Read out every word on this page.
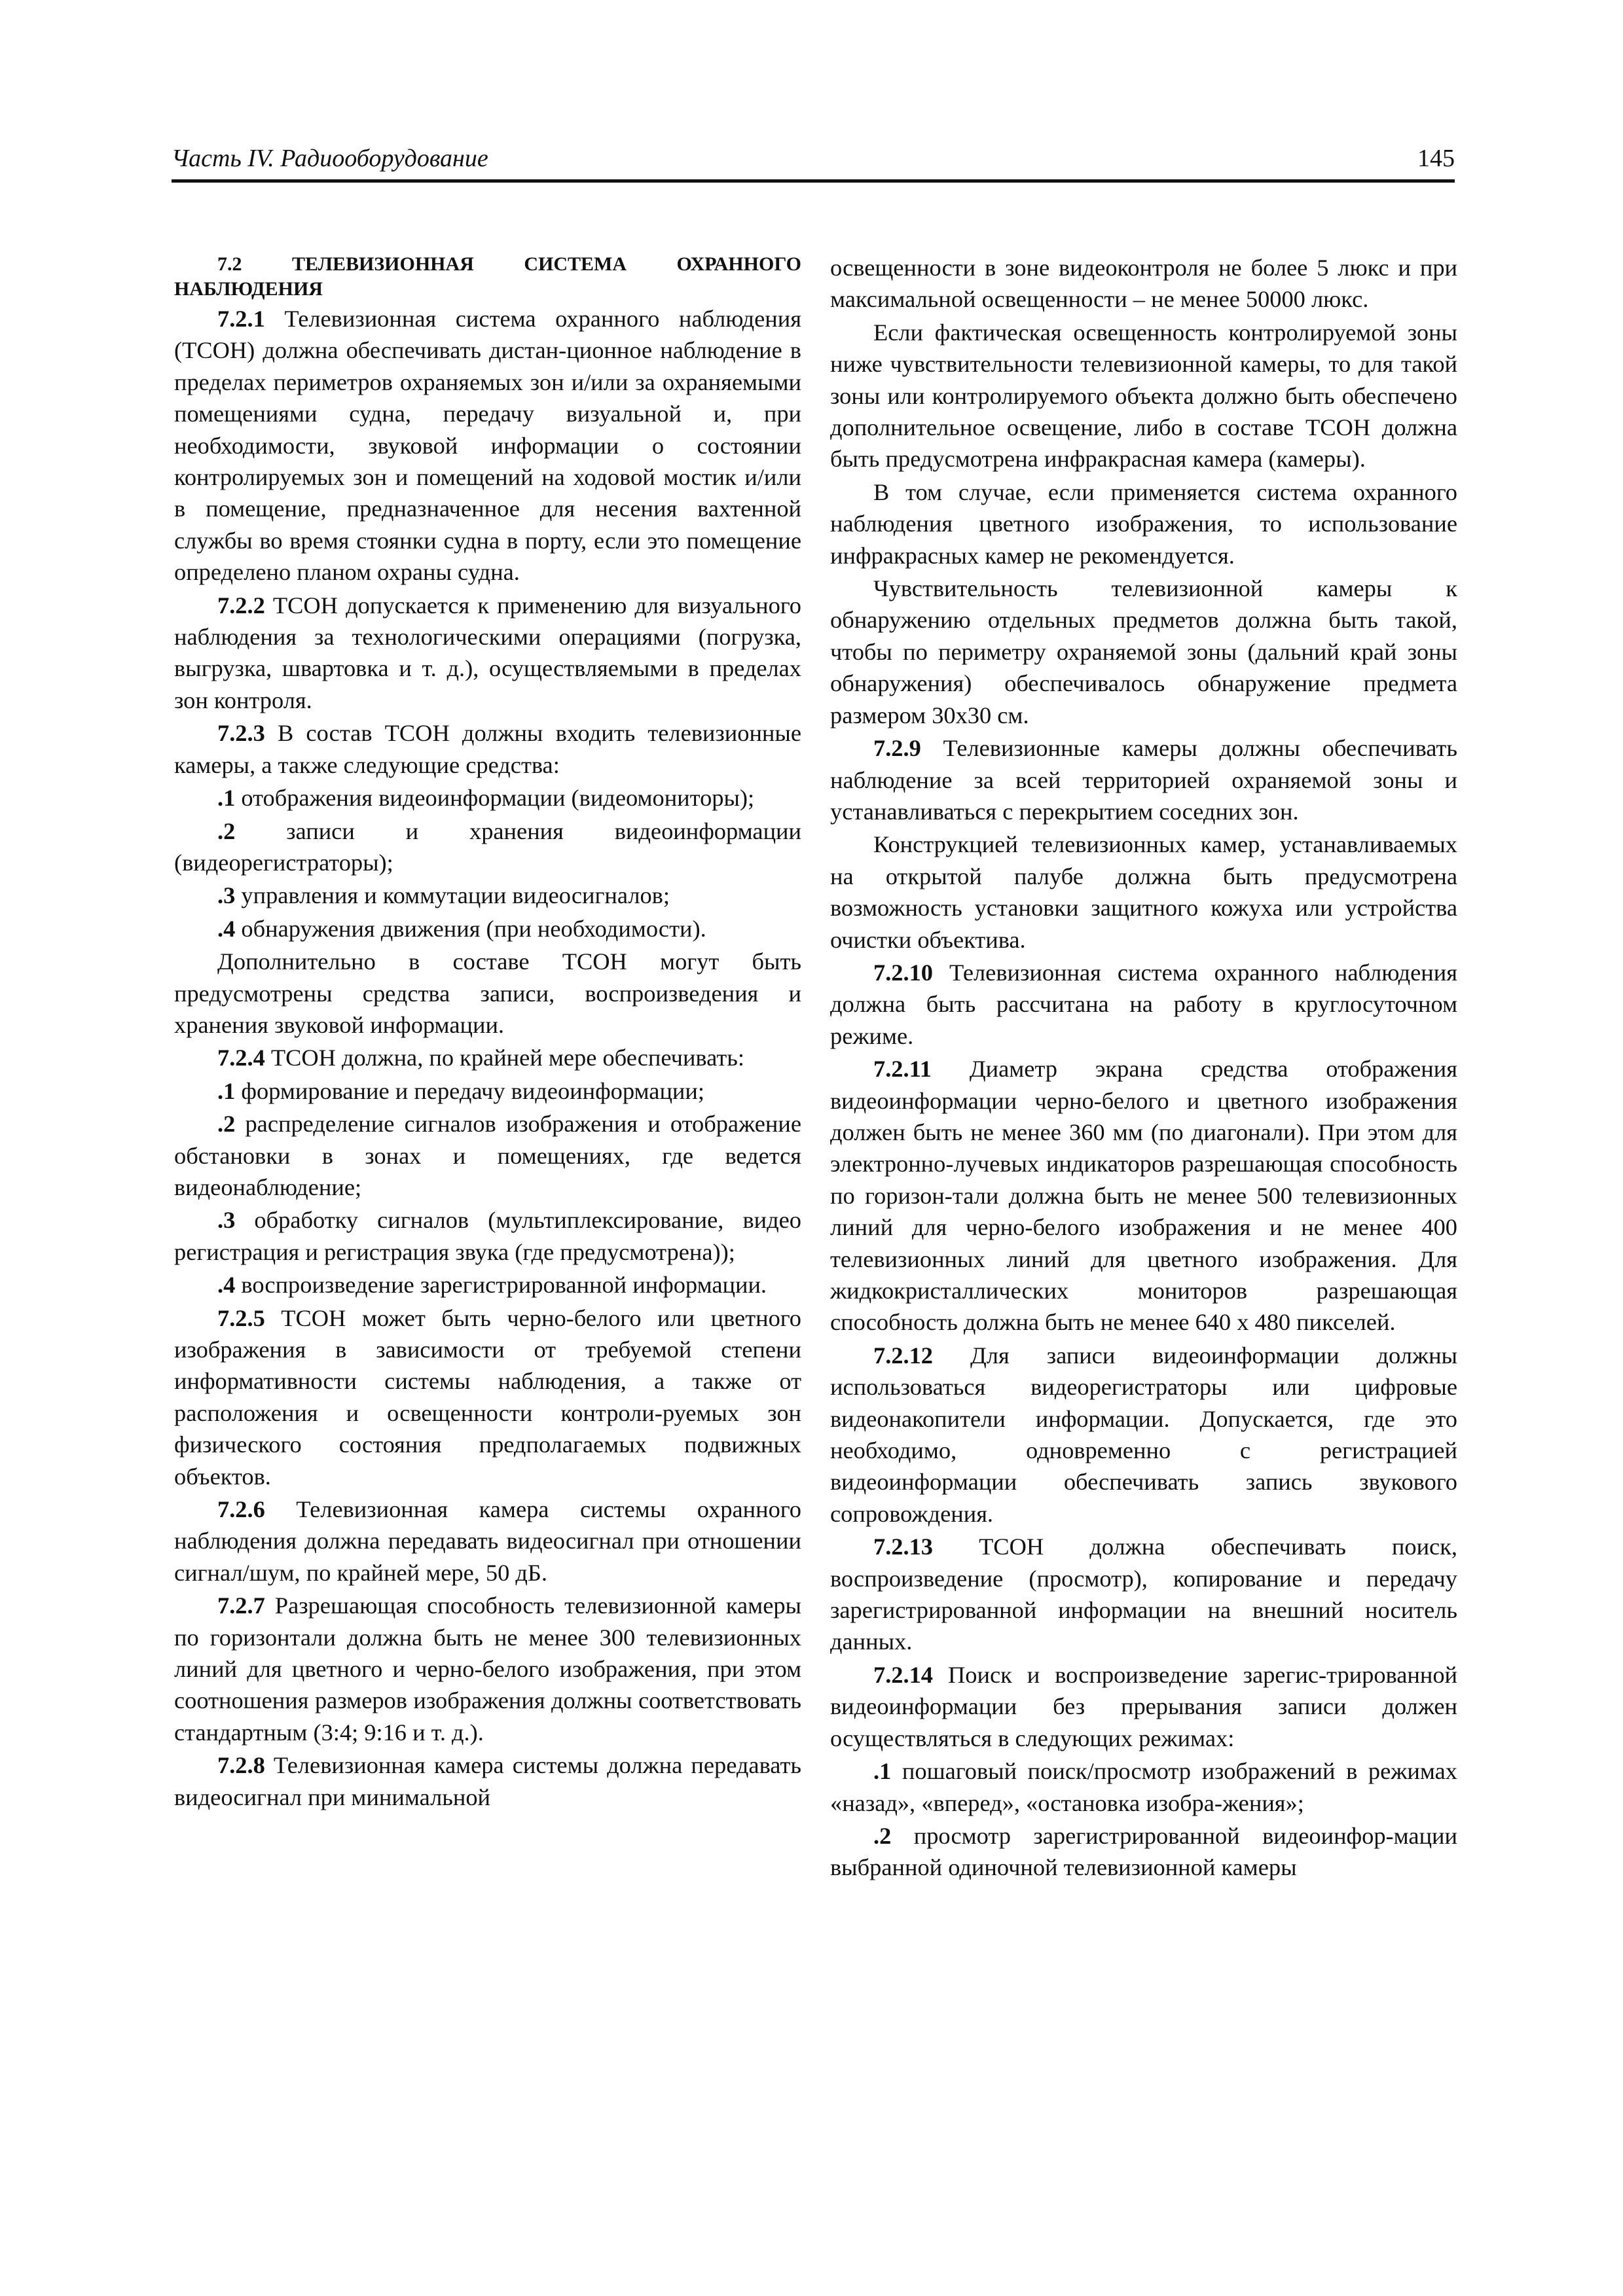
Часть IV. Радиооборудование	145

7.2 ТЕЛЕВИЗИОННАЯ СИСТЕМА ОХРАННОГО НАБЛЮДЕНИЯ

7.2.1 Телевизионная система охранного наблюдения (ТСОН) должна обеспечивать дистан-ционное наблюдение в пределах периметров охраняемых зон и/или за охраняемыми помещениями судна, передачу визуальной и, при необходимости, звуковой информации о состоянии контролируемых зон и помещений на ходовой мостик и/или в помещение, предназначенное для несения вахтенной службы во время стоянки судна в порту, если это помещение определено планом охраны судна.

7.2.2 ТСОН допускается к применению для визуального наблюдения за технологическими операциями (погрузка, выгрузка, швартовка и т. д.), осуществляемыми в пределах зон контроля.

7.2.3 В состав ТСОН должны входить телевизионные камеры, а также следующие средства:

.1 отображения видеоинформации (видеомониторы);

.2 записи и хранения видеоинформации (видеорегистраторы);

.3 управления и коммутации видеосигналов;

.4 обнаружения движения (при необходимости).

Дополнительно в составе ТСОН могут быть предусмотрены средства записи, воспроизведения и хранения звуковой информации.

7.2.4 ТСОН должна, по крайней мере обеспечивать:

.1 формирование и передачу видеоинформации;

.2 распределение сигналов изображения и отображение обстановки в зонах и помещениях, где ведется видеонаблюдение;

.3 обработку сигналов (мультиплексирование, видео регистрация и регистрация звука (где предусмотрена));

.4 воспроизведение зарегистрированной информации.

7.2.5 ТСОН может быть черно-белого или цветного изображения в зависимости от требуемой степени информативности системы наблюдения, а также от расположения и освещенности контроли-руемых зон физического состояния предполагаемых подвижных объектов.

7.2.6 Телевизионная камера системы охранного наблюдения должна передавать видеосигнал при отношении сигнал/шум, по крайней мере, 50 дБ.

7.2.7 Разрешающая способность телевизионной камеры по горизонтали должна быть не менее 300 телевизионных линий для цветного и черно-белого изображения, при этом соотношения размеров изображения должны соответствовать стандартным (3:4; 9:16 и т. д.).

7.2.8 Телевизионная камера системы должна передавать видеосигнал при минимальной

освещенности в зоне видеоконтроля не более 5 люкс и при максимальной освещенности – не менее 50000 люкс.

Если фактическая освещенность контролируемой зоны ниже чувствительности телевизионной камеры, то для такой зоны или контролируемого объекта должно быть обеспечено дополнительное освещение, либо в составе ТСОН должна быть предусмотрена инфракрасная камера (камеры).

В том случае, если применяется система охранного наблюдения цветного изображения, то использование инфракрасных камер не рекомендуется.

Чувствительность телевизионной камеры к обнаружению отдельных предметов должна быть такой, чтобы по периметру охраняемой зоны (дальний край зоны обнаружения) обеспечивалось обнаружение предмета размером 30х30 см.

7.2.9 Телевизионные камеры должны обеспечивать наблюдение за всей территорией охраняемой зоны и устанавливаться с перекрытием соседних зон.

Конструкцией телевизионных камер, устанавливаемых на открытой палубе должна быть предусмотрена возможность установки защитного кожуха или устройства очистки объектива.

7.2.10 Телевизионная система охранного наблюдения должна быть рассчитана на работу в круглосуточном режиме.

7.2.11 Диаметр экрана средства отображения видеоинформации черно-белого и цветного изображения должен быть не менее 360 мм (по диагонали). При этом для электронно-лучевых индикаторов разрешающая способность по горизон-тали должна быть не менее 500 телевизионных линий для черно-белого изображения и не менее 400 телевизионных линий для цветного изображения. Для жидкокристаллических мониторов разрешающая способность должна быть не менее 640 х 480 пикселей.

7.2.12 Для записи видеоинформации должны использоваться видеорегистраторы или цифровые видеонакопители информации. Допускается, где это необходимо, одновременно с регистрацией видеоинформации обеспечивать запись звукового сопровождения.

7.2.13 ТСОН должна обеспечивать поиск, воспроизведение (просмотр), копирование и передачу зарегистрированной информации на внешний носитель данных.

7.2.14 Поиск и воспроизведение зарегис-трированной видеоинформации без прерывания записи должен осуществляться в следующих режимах:

.1 пошаговый поиск/просмотр изображений в режимах «назад», «вперед», «остановка изобра-жения»;

.2 просмотр зарегистрированной видеоинфор-мации выбранной одиночной телевизионной камеры
